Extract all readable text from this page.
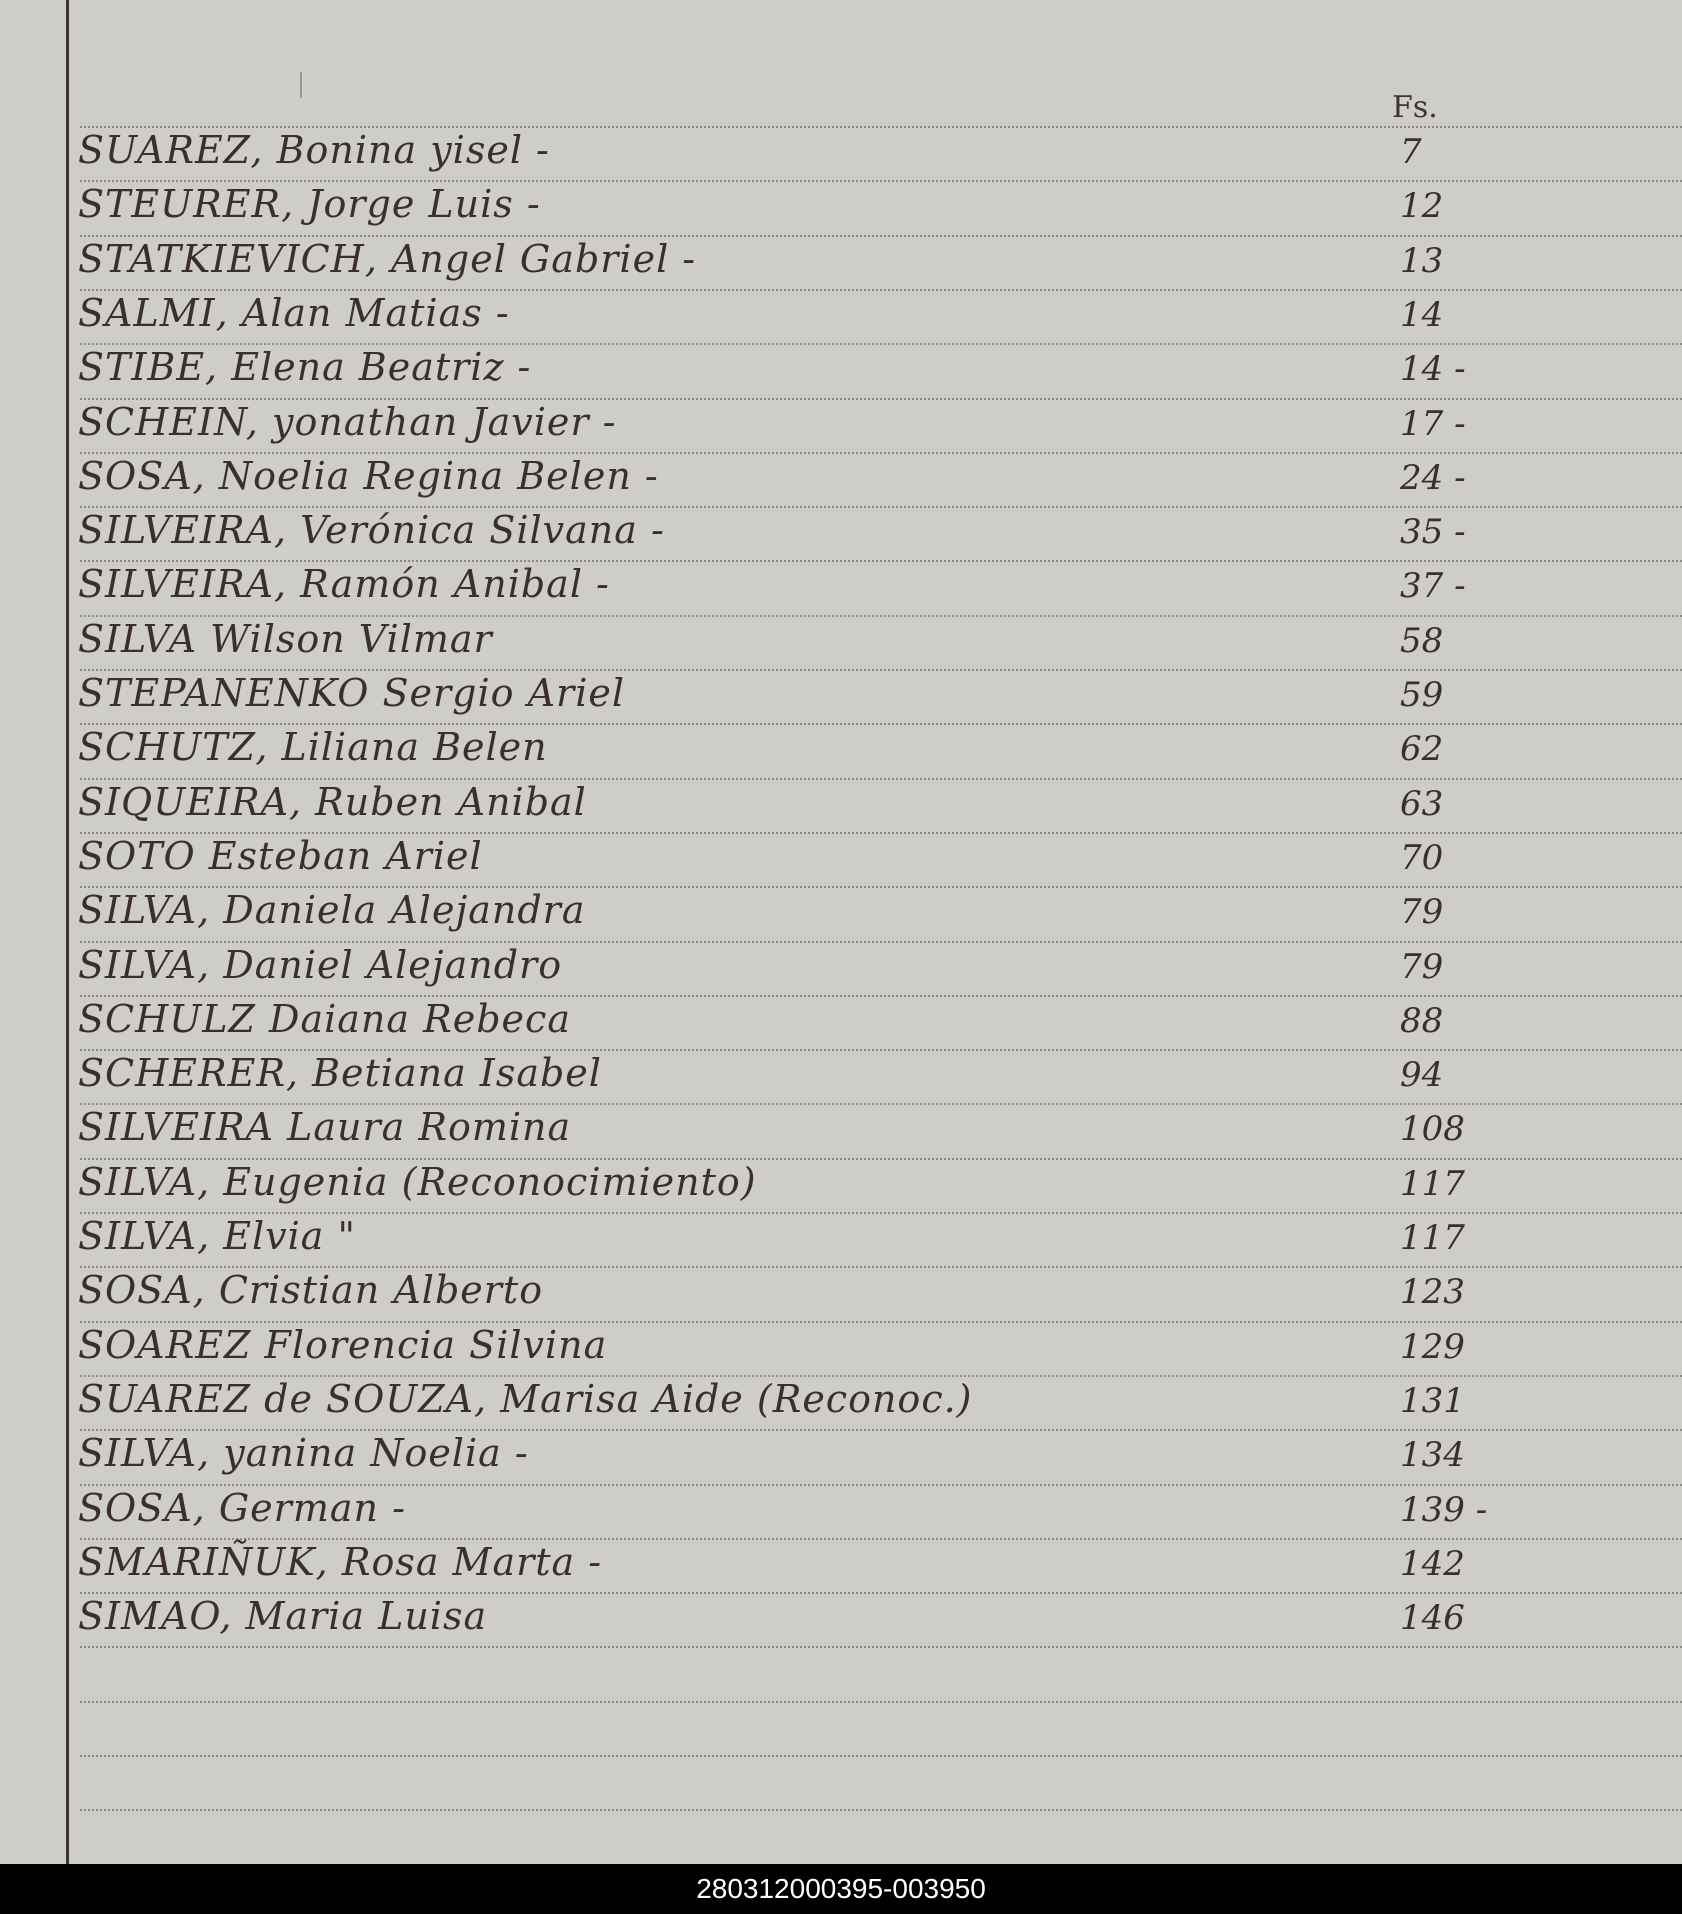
Fs.
SUAREZ, Bonina yisel -	7
STEURER, Jorge Luis -	12
STATKIEVICH, Angel Gabriel -	13
SALMI, Alan Matias -	14
STIBE, Elena Beatriz -	14 -
SCHEIN, yonathan Javier -	17 -
SOSA, Noelia Regina Belen -	24 -
SILVEIRA, Verónica Silvana -	35 -
SILVEIRA, Ramón Anibal -	37 -
SILVA Wilson Vilmar	58
STEPANENKO Sergio Ariel	59
SCHUTZ, Liliana Belen	62
SIQUEIRA, Ruben Anibal	63
SOTO Esteban Ariel	70
SILVA, Daniela Alejandra	79
SILVA, Daniel Alejandro	79
SCHULZ Daiana Rebeca	88
SCHERER, Betiana Isabel	94
SILVEIRA Laura Romina	108
SILVA, Eugenia (Reconocimiento)	117
SILVA, Elvia "	117
SOSA, Cristian Alberto	123
SOAREZ Florencia Silvina	129
SUAREZ de SOUZA, Marisa Aide (Reconoc.)	131
SILVA, yanina Noelia -	134
SOSA, German -	139 -
SMARIÑUK, Rosa Marta -	142
SIMAO, Maria Luisa	146
280312000395-003950
